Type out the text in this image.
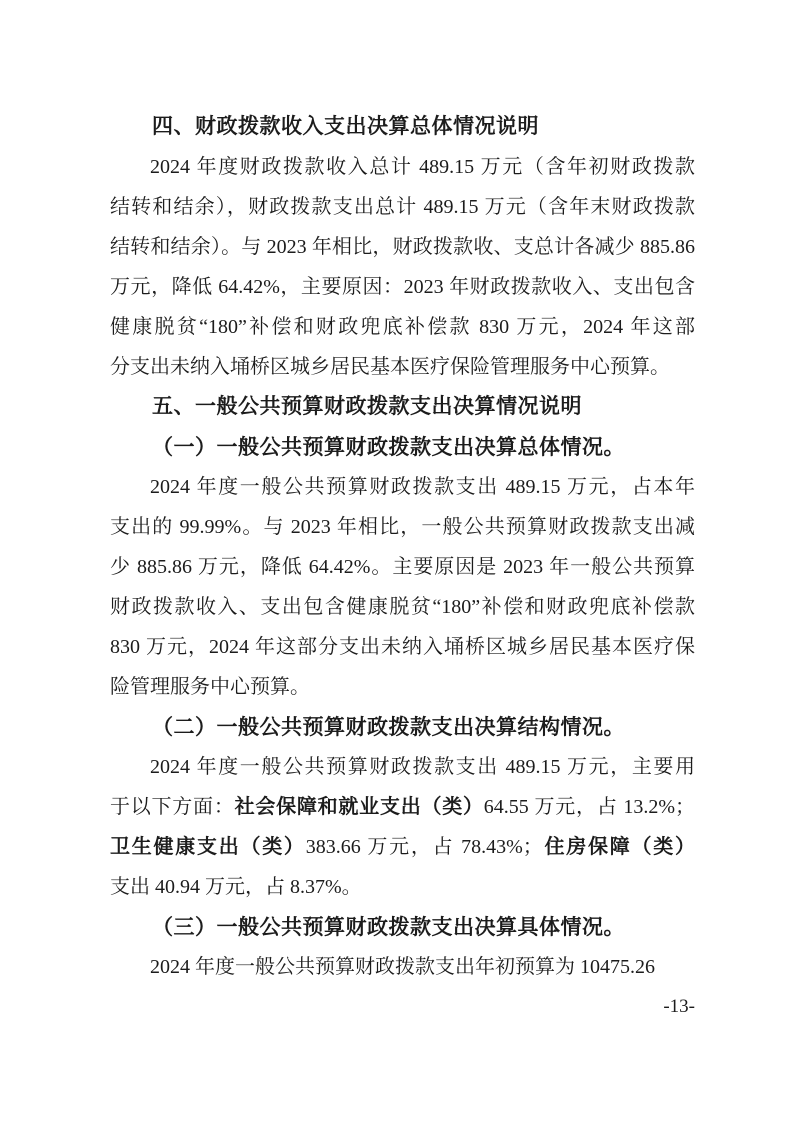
四、财政拨款收入支出决算总体情况说明
2024 年度财政拨款收入总计 489.15 万元（含年初财政拨款
结转和结余），财政拨款支出总计 489.15 万元（含年末财政拨款
结转和结余）。与 2023 年相比，财政拨款收、支总计各减少 885.86
万元，降低 64.42%，主要原因：2023 年财政拨款收入、支出包含
健康脱贫“180”补偿和财政兜底补偿款 830 万元，2024 年这部
分支出未纳入埇桥区城乡居民基本医疗保险管理服务中心预算。
五、一般公共预算财政拨款支出决算情况说明
（一）一般公共预算财政拨款支出决算总体情况。
2024 年度一般公共预算财政拨款支出 489.15 万元，占本年
支出的 99.99%。与 2023 年相比，一般公共预算财政拨款支出减
少 885.86 万元，降低 64.42%。主要原因是 2023 年一般公共预算
财政拨款收入、支出包含健康脱贫“180”补偿和财政兜底补偿款
830 万元，2024 年这部分支出未纳入埇桥区城乡居民基本医疗保
险管理服务中心预算。
（二）一般公共预算财政拨款支出决算结构情况。
2024 年度一般公共预算财政拨款支出 489.15 万元，主要用
于以下方面：社会保障和就业支出（类）64.55 万元，占 13.2%；
卫生健康支出（类）383.66 万元，占 78.43%；住房保障（类）
支出 40.94 万元，占 8.37%。
（三）一般公共预算财政拨款支出决算具体情况。
2024 年度一般公共预算财政拨款支出年初预算为 10475.26
-13-
